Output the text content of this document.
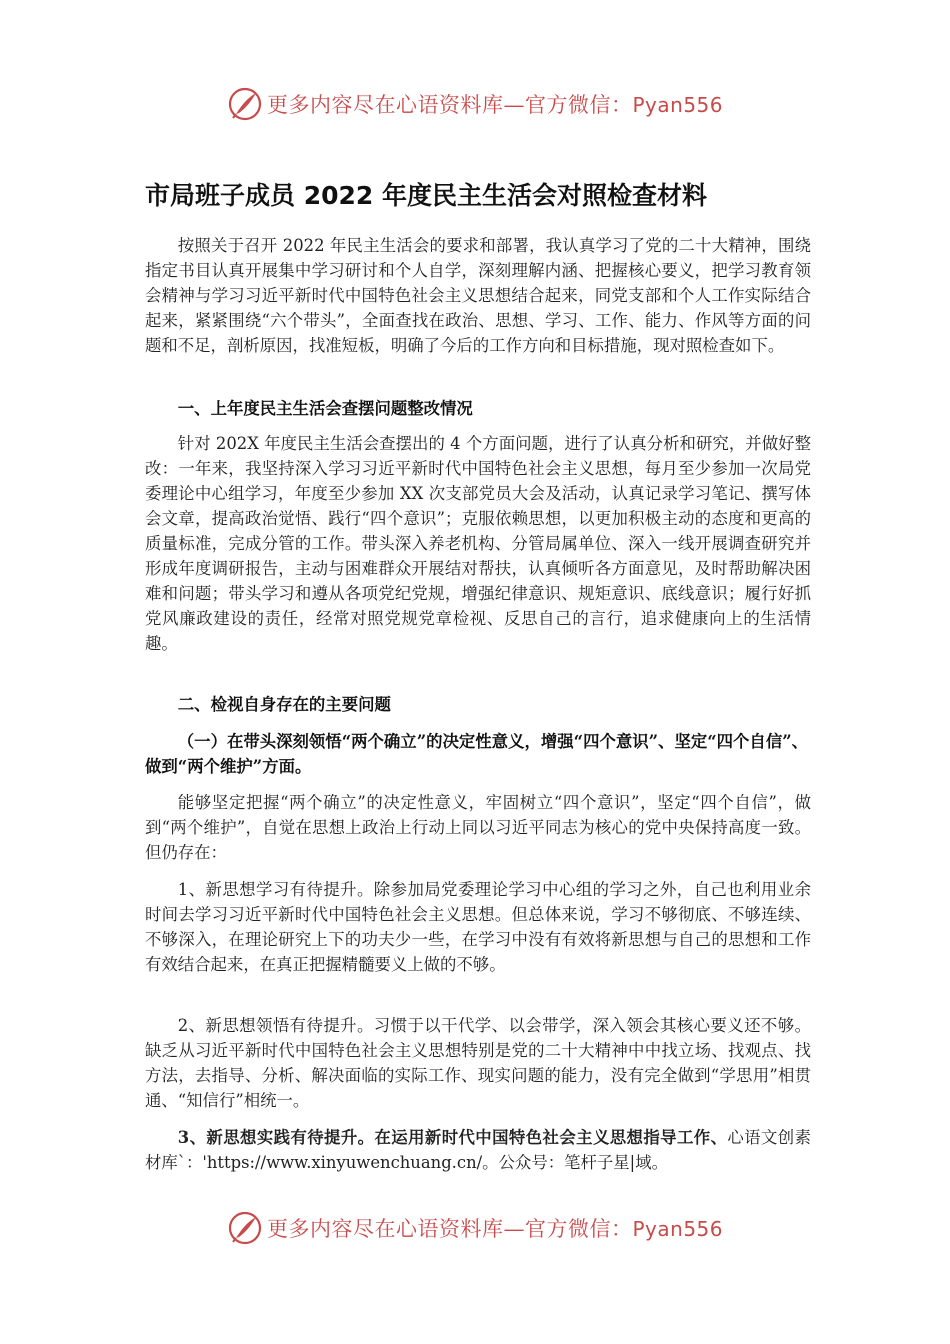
更多内容尽在心语资料库—官方微信：Pyan556
市局班子成员 2022 年度民主生活会对照检查材料

按照关于召开 2022 年民主生活会的要求和部署，我认真学习了党的二十大精神，围绕指定书目认真开展集中学习研讨和个人自学，深刻理解内涵、把握核心要义，把学习教育领会精神与学习习近平新时代中国特色社会主义思想结合起来，同党支部和个人工作实际结合起来，紧紧围绕“六个带头”，全面查找在政治、思想、学习、工作、能力、作风等方面的问题和不足，剖析原因，找准短板，明确了今后的工作方向和目标措施，现对照检查如下。

一、上年度民主生活会查摆问题整改情况

针对 202X 年度民主生活会查摆出的 4 个方面问题，进行了认真分析和研究，并做好整改：一年来，我坚持深入学习习近平新时代中国特色社会主义思想，每月至少参加一次局党委理论中心组学习，年度至少参加 XX 次支部党员大会及活动，认真记录学习笔记、撰写体会文章，提高政治觉悟、践行“四个意识”；克服依赖思想，以更加积极主动的态度和更高的质量标准，完成分管的工作。带头深入养老机构、分管局属单位、深入一线开展调查研究并形成年度调研报告，主动与困难群众开展结对帮扶，认真倾听各方面意见，及时帮助解决困难和问题；带头学习和遵从各项党纪党规，增强纪律意识、规矩意识、底线意识；履行好抓党风廉政建设的责任，经常对照党规党章检视、反思自己的言行，追求健康向上的生活情趣。

二、检视自身存在的主要问题

（一）在带头深刻领悟“两个确立”的决定性意义，增强“四个意识”、坚定“四个自信”、做到“两个维护”方面。

能够坚定把握“两个确立”的决定性意义，牢固树立“四个意识”，坚定“四个自信”，做到“两个维护”，自觉在思想上政治上行动上同以习近平同志为核心的党中央保持高度一致。但仍存在：

1、新思想学习有待提升。除参加局党委理论学习中心组的学习之外，自己也利用业余时间去学习习近平新时代中国特色社会主义思想。但总体来说，学习不够彻底、不够连续、不够深入，在理论研究上下的功夫少一些，在学习中没有有效将新思想与自己的思想和工作有效结合起来，在真正把握精髓要义上做的不够。

2、新思想领悟有待提升。习惯于以干代学、以会带学，深入领会其核心要义还不够。缺乏从习近平新时代中国特色社会主义思想特别是党的二十大精神中中找立场、找观点、找方法，去指导、分析、解决面临的实际工作、现实问题的能力，没有完全做到“学思用”相贯通、“知信行”相统一。

3、新思想实践有待提升。在运用新时代中国特色社会主义思想指导工作、心语文创素材库`：'https://www.xinyuwenchuang.cn/。公众号：笔杆子星|域。

更多内容尽在心语资料库—官方微信：Pyan556
